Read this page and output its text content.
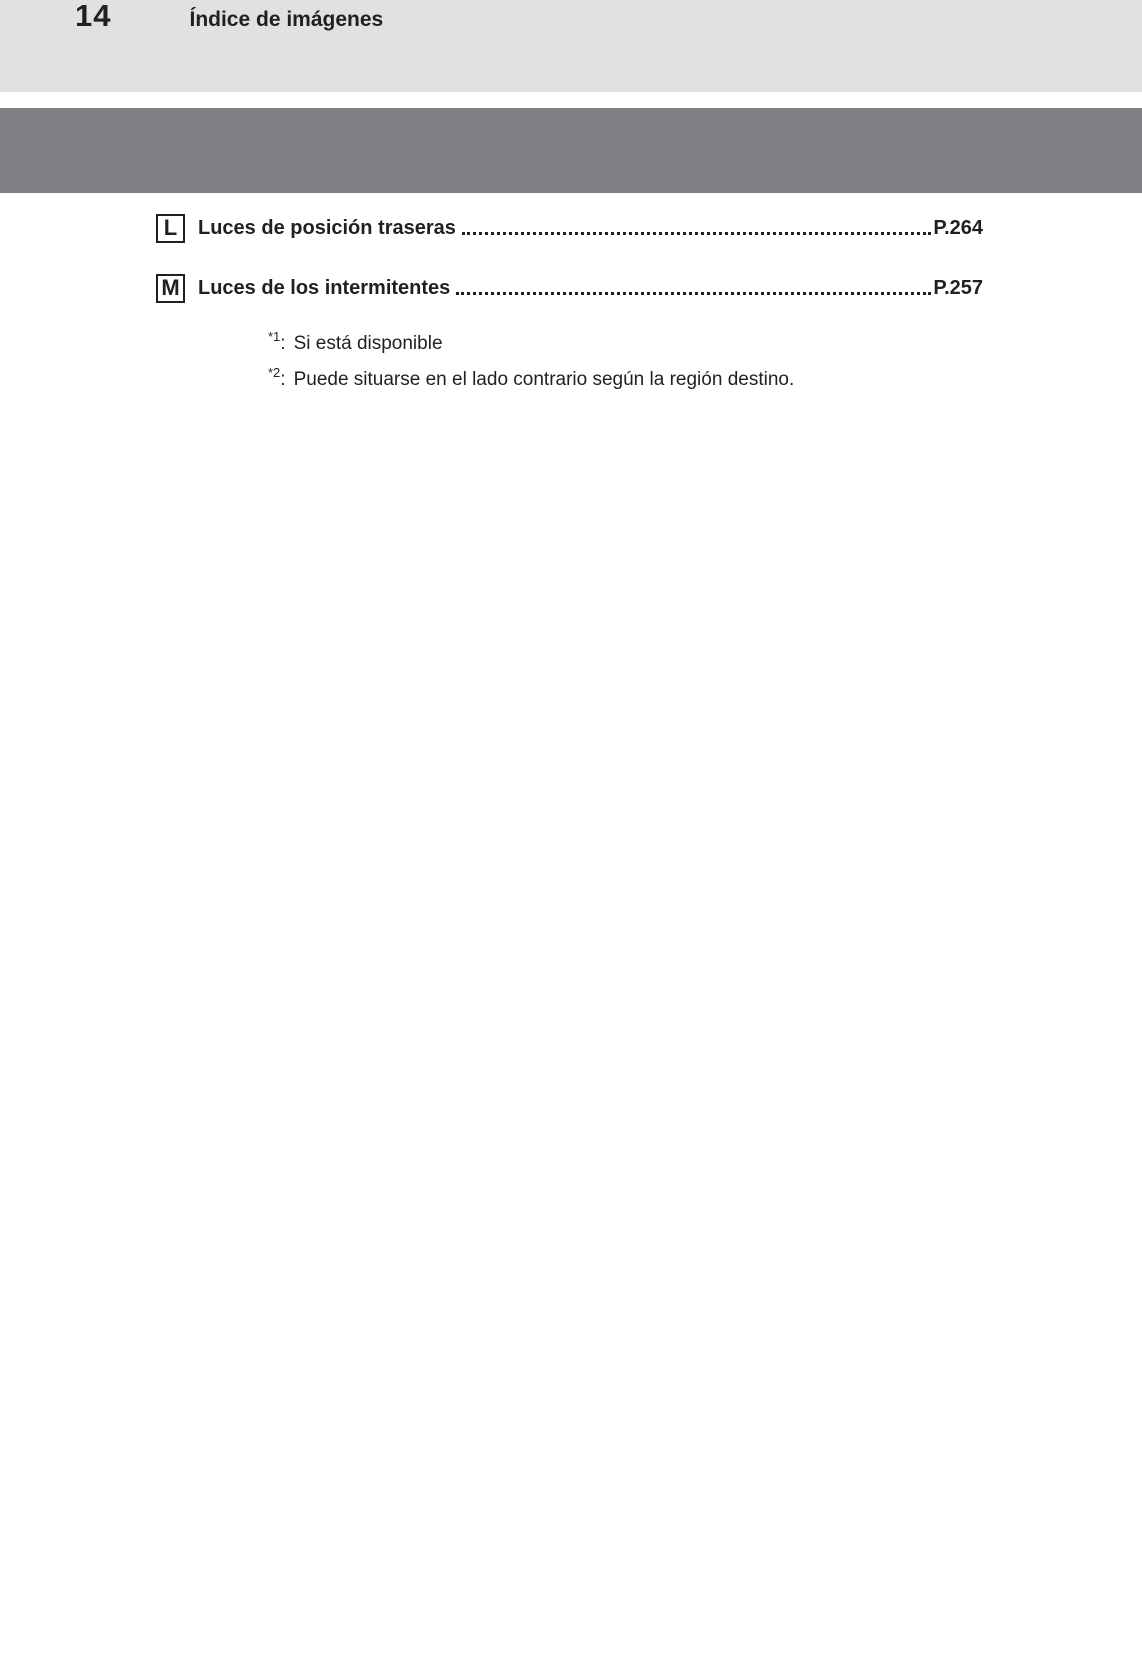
14	Índice de imágenes
L Luces de posición traseras	P.264
M Luces de los intermitentes	P.257

$^{*1}$: Si está disponible

$^{*2}$: Puede situarse en el lado contrario según la región destino.
